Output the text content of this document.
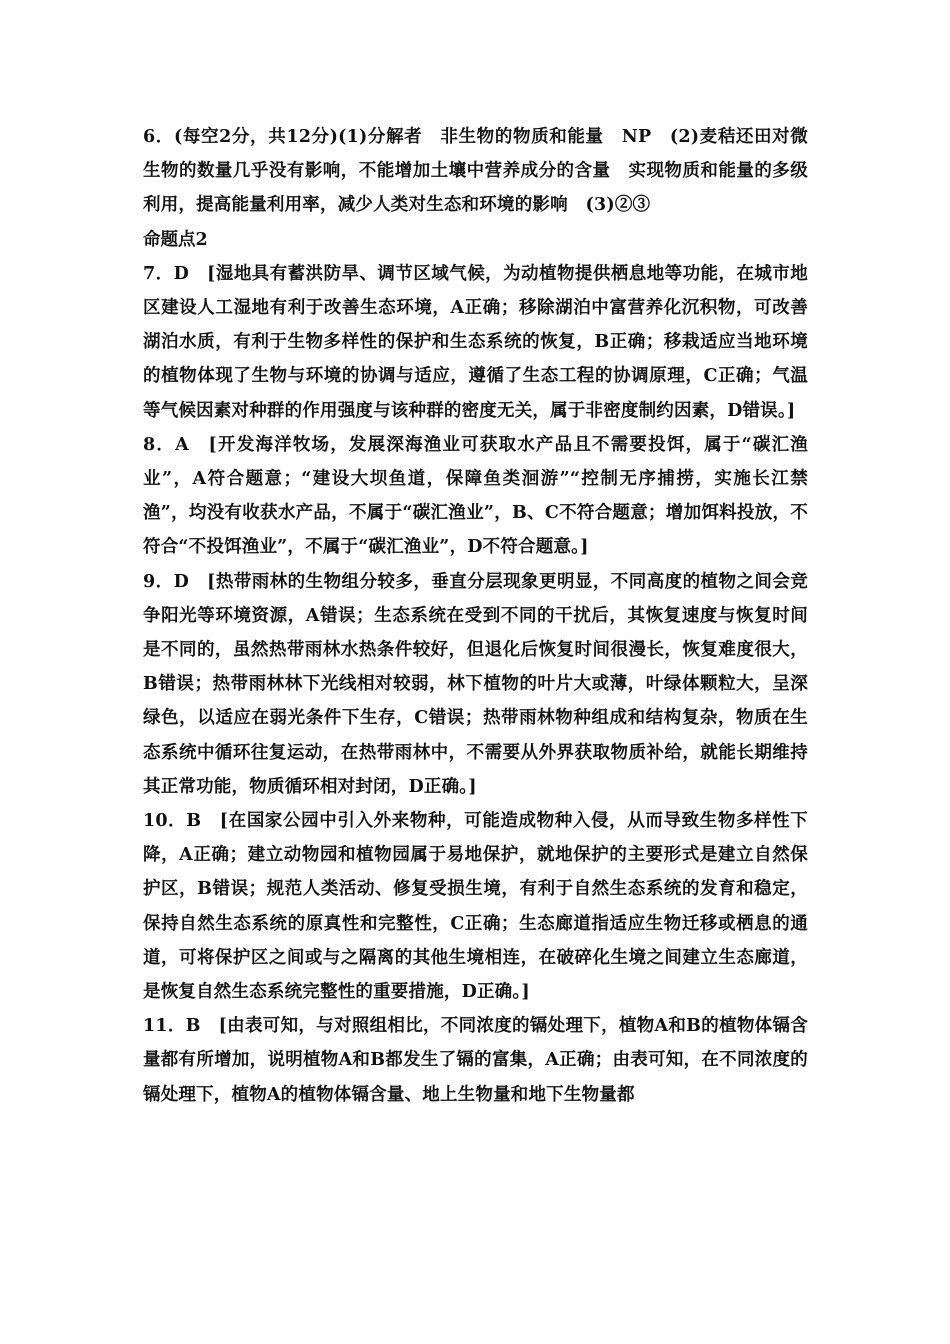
6．(每空2分，共12分)(1)分解者　非生物的物质和能量　NP　(2)麦秸还田对微生物的数量几乎没有影响，不能增加土壤中营养成分的含量　实现物质和能量的多级利用，提高能量利用率，减少人类对生态和环境的影响　(3)②③

命题点2

7．D　[湿地具有蓄洪防旱、调节区域气候，为动植物提供栖息地等功能，在城市地区建设人工湿地有利于改善生态环境，A正确；移除湖泊中富营养化沉积物，可改善湖泊水质，有利于生物多样性的保护和生态系统的恢复，B正确；移栽适应当地环境的植物体现了生物与环境的协调与适应，遵循了生态工程的协调原理，C正确；气温等气候因素对种群的作用强度与该种群的密度无关，属于非密度制约因素，D错误。]

8．A　[开发海洋牧场，发展深海渔业可获取水产品且不需要投饵，属于“碳汇渔业”，A符合题意；“建设大坝鱼道，保障鱼类洄游”“控制无序捕捞，实施长江禁渔”，均没有收获水产品，不属于“碳汇渔业”，B、C不符合题意；增加饵料投放，不符合“不投饵渔业”，不属于“碳汇渔业”，D不符合题意。]

9．D　[热带雨林的生物组分较多，垂直分层现象更明显，不同高度的植物之间会竞争阳光等环境资源，A错误；生态系统在受到不同的干扰后，其恢复速度与恢复时间是不同的，虽然热带雨林水热条件较好，但退化后恢复时间很漫长，恢复难度很大，B错误；热带雨林林下光线相对较弱，林下植物的叶片大或薄，叶绿体颗粒大，呈深绿色，以适应在弱光条件下生存，C错误；热带雨林物种组成和结构复杂，物质在生态系统中循环往复运动，在热带雨林中，不需要从外界获取物质补给，就能长期维持其正常功能，物质循环相对封闭，D正确。]

10．B　[在国家公园中引入外来物种，可能造成物种入侵，从而导致生物多样性下降，A正确；建立动物园和植物园属于易地保护，就地保护的主要形式是建立自然保护区，B错误；规范人类活动、修复受损生境，有利于自然生态系统的发育和稳定，保持自然生态系统的原真性和完整性，C正确；生态廊道指适应生物迁移或栖息的通道，可将保护区之间或与之隔离的其他生境相连，在破碎化生境之间建立生态廊道，是恢复自然生态系统完整性的重要措施，D正确。]

11．B　[由表可知，与对照组相比，不同浓度的镉处理下，植物A和B的植物体镉含量都有所增加，说明植物A和B都发生了镉的富集，A正确；由表可知，在不同浓度的镉处理下，植物A的植物体镉含量、地上生物量和地下生物量都
